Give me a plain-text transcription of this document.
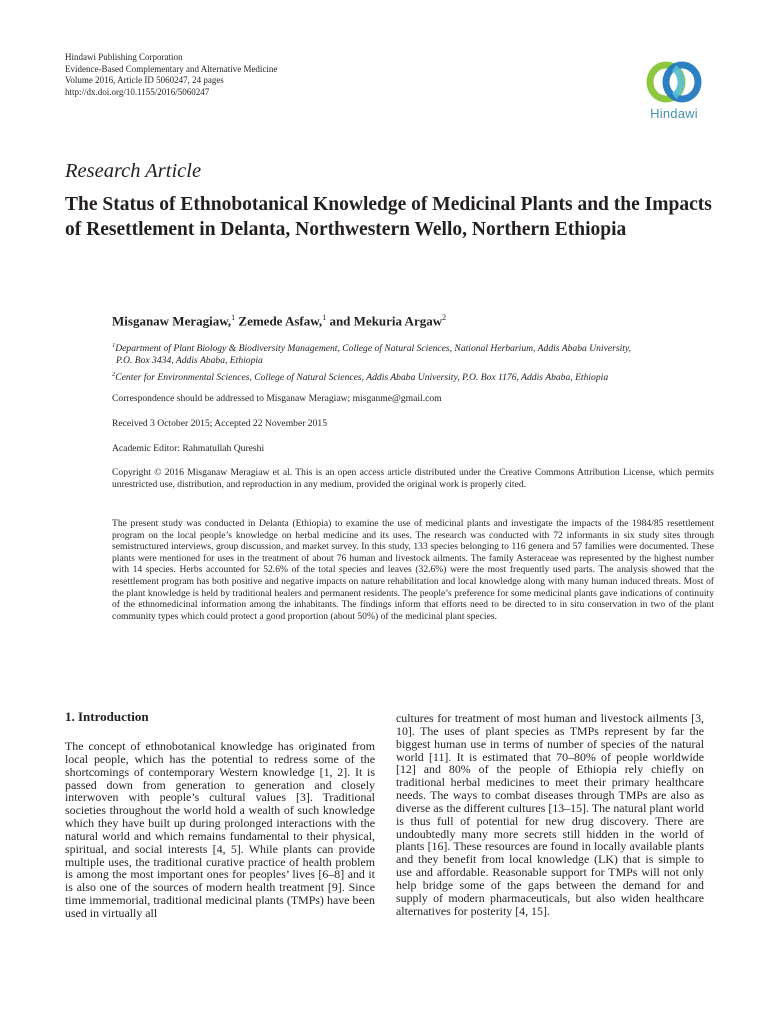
Hindawi Publishing Corporation
Evidence-Based Complementary and Alternative Medicine
Volume 2016, Article ID 5060247, 24 pages
http://dx.doi.org/10.1155/2016/5060247
Hindawi
Research Article
The Status of Ethnobotanical Knowledge of Medicinal Plants and the Impacts of Resettlement in Delanta, Northwestern Wello, Northern Ethiopia
Misganaw Meragiaw,$^1$ Zemede Asfaw,$^1$ and Mekuria Argaw$^2$
$^1$Department of Plant Biology & Biodiversity Management, College of Natural Sciences, National Herbarium, Addis Ababa University,
P.O. Box 3434, Addis Ababa, Ethiopia
$^2$Center for Environmental Sciences, College of Natural Sciences, Addis Ababa University, P.O. Box 1176, Addis Ababa, Ethiopia
Correspondence should be addressed to Misganaw Meragiaw; misganme@gmail.com
Received 3 October 2015; Accepted 22 November 2015
Academic Editor: Rahmatullah Qureshi
Copyright © 2016 Misganaw Meragiaw et al. This is an open access article distributed under the Creative Commons Attribution License, which permits unrestricted use, distribution, and reproduction in any medium, provided the original work is properly cited.
The present study was conducted in Delanta (Ethiopia) to examine the use of medicinal plants and investigate the impacts of the 1984/85 resettlement program on the local people’s knowledge on herbal medicine and its uses. The research was conducted with 72 informants in six study sites through semistructured interviews, group discussion, and market survey. In this study, 133 species belonging to 116 genera and 57 families were documented. These plants were mentioned for uses in the treatment of about 76 human and livestock ailments. The family Asteraceae was represented by the highest number with 14 species. Herbs accounted for 52.6% of the total species and leaves (32.6%) were the most frequently used parts. The analysis showed that the resettlement program has both positive and negative impacts on nature rehabilitation and local knowledge along with many human induced threats. Most of the plant knowledge is held by traditional healers and permanent residents. The people’s preference for some medicinal plants gave indications of continuity of the ethnomedicinal information among the inhabitants. The findings inform that efforts need to be directed to in situ conservation in two of the plant community types which could protect a good proportion (about 50%) of the medicinal plant species.
1. Introduction

The concept of ethnobotanical knowledge has originated from local people, which has the potential to redress some of the shortcomings of contemporary Western knowledge [1, 2]. It is passed down from generation to generation and closely interwoven with people’s cultural values [3]. Traditional societies throughout the world hold a wealth of such knowledge which they have built up during prolonged interactions with the natural world and which remains fundamental to their physical, spiritual, and social interests [4, 5]. While plants can provide multiple uses, the traditional curative practice of health problem is among the most important ones for peoples’ lives [6–8] and it is also one of the sources of modern health treatment [9]. Since time immemorial, traditional medicinal plants (TMPs) have been used in virtually all

cultures for treatment of most human and livestock ailments [3, 10]. The uses of plant species as TMPs represent by far the biggest human use in terms of number of species of the natural world [11]. It is estimated that 70–80% of people worldwide [12] and 80% of the people of Ethiopia rely chiefly on traditional herbal medicines to meet their primary healthcare needs. The ways to combat diseases through TMPs are also as diverse as the different cultures [13–15]. The natural plant world is thus full of potential for new drug discovery. There are undoubtedly many more secrets still hidden in the world of plants [16]. These resources are found in locally available plants and they benefit from local knowledge (LK) that is simple to use and affordable. Reasonable support for TMPs will not only help bridge some of the gaps between the demand for and supply of modern pharmaceuticals, but also widen healthcare alternatives for posterity [4, 15].
